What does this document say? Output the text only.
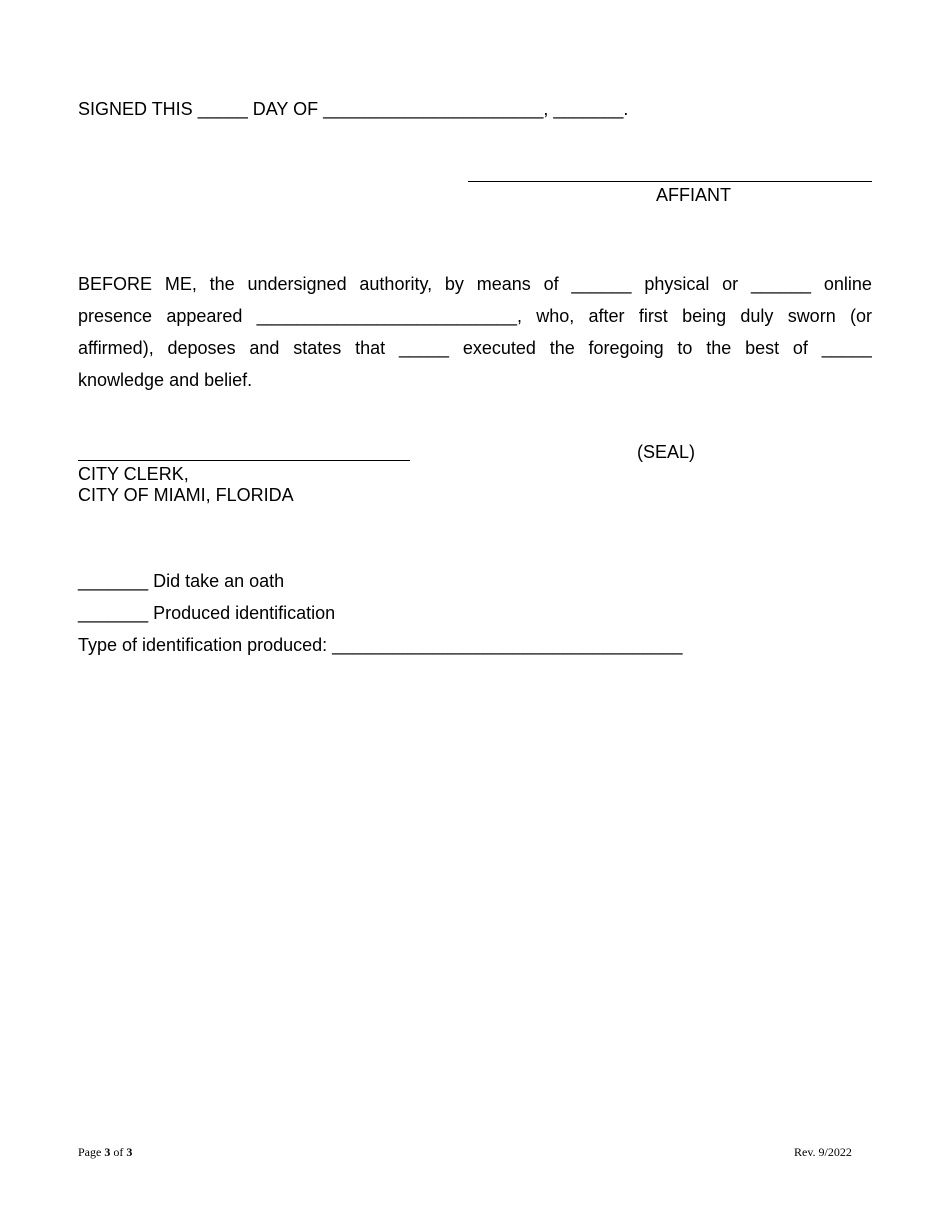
SIGNED THIS _____ DAY OF ______________________, _______.
AFFIANT
BEFORE ME, the undersigned authority, by means of ______ physical or ______ online
presence appeared __________________________, who, after first being duly sworn (or
affirmed), deposes and states that _____ executed the foregoing to the best of _____
knowledge and belief.
(SEAL)
CITY CLERK,
CITY OF MIAMI, FLORIDA
_______ Did take an oath
_______ Produced identification
Type of identification produced: ___________________________________
Page 3 of 3	Rev. 9/2022
